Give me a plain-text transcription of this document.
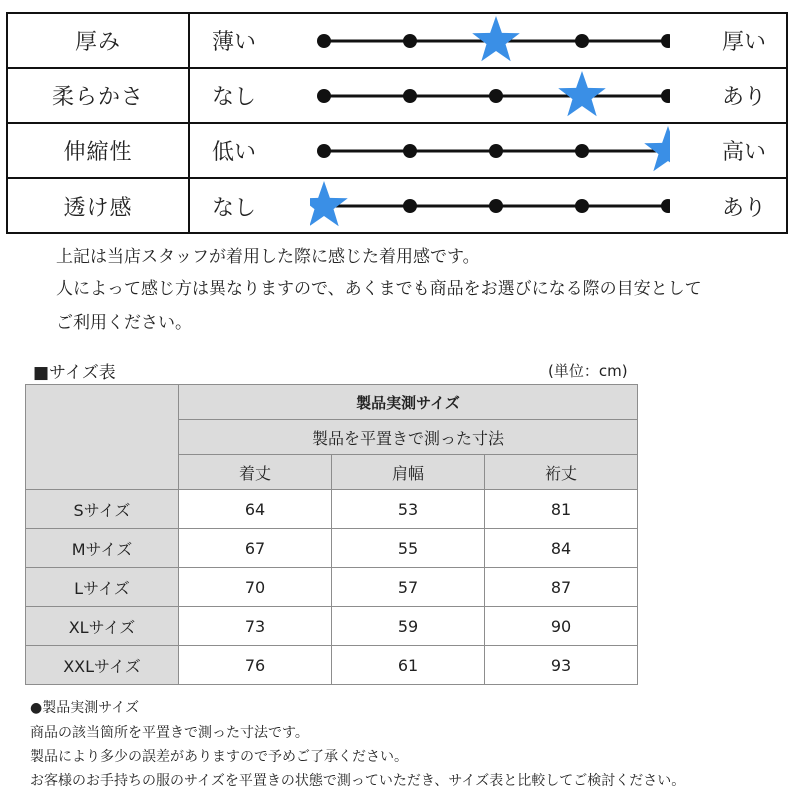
厚み	薄い	厚い
柔らかさ	なし	あり
伸縮性	低い	高い
透け感	なし	あり
上記は当店スタッフが着用した際に感じた着用感です。
人によって感じ方は異なりますので、あくまでも商品をお選びになる際の目安として
ご利用ください。
■サイズ表	(単位：cm)
	製品実測サイズ		
	製品を平置きで測った寸法		
	着丈	肩幅	裄丈
Sサイズ	64	53	81
Mサイズ	67	55	84
Lサイズ	70	57	87
XLサイズ	73	59	90
XXLサイズ	76	61	93
●製品実測サイズ
商品の該当箇所を平置きで測った寸法です。
製品により多少の誤差がありますので予めご了承ください。
お客様のお手持ちの服のサイズを平置きの状態で測っていただき、サイズ表と比較してご検討ください。
